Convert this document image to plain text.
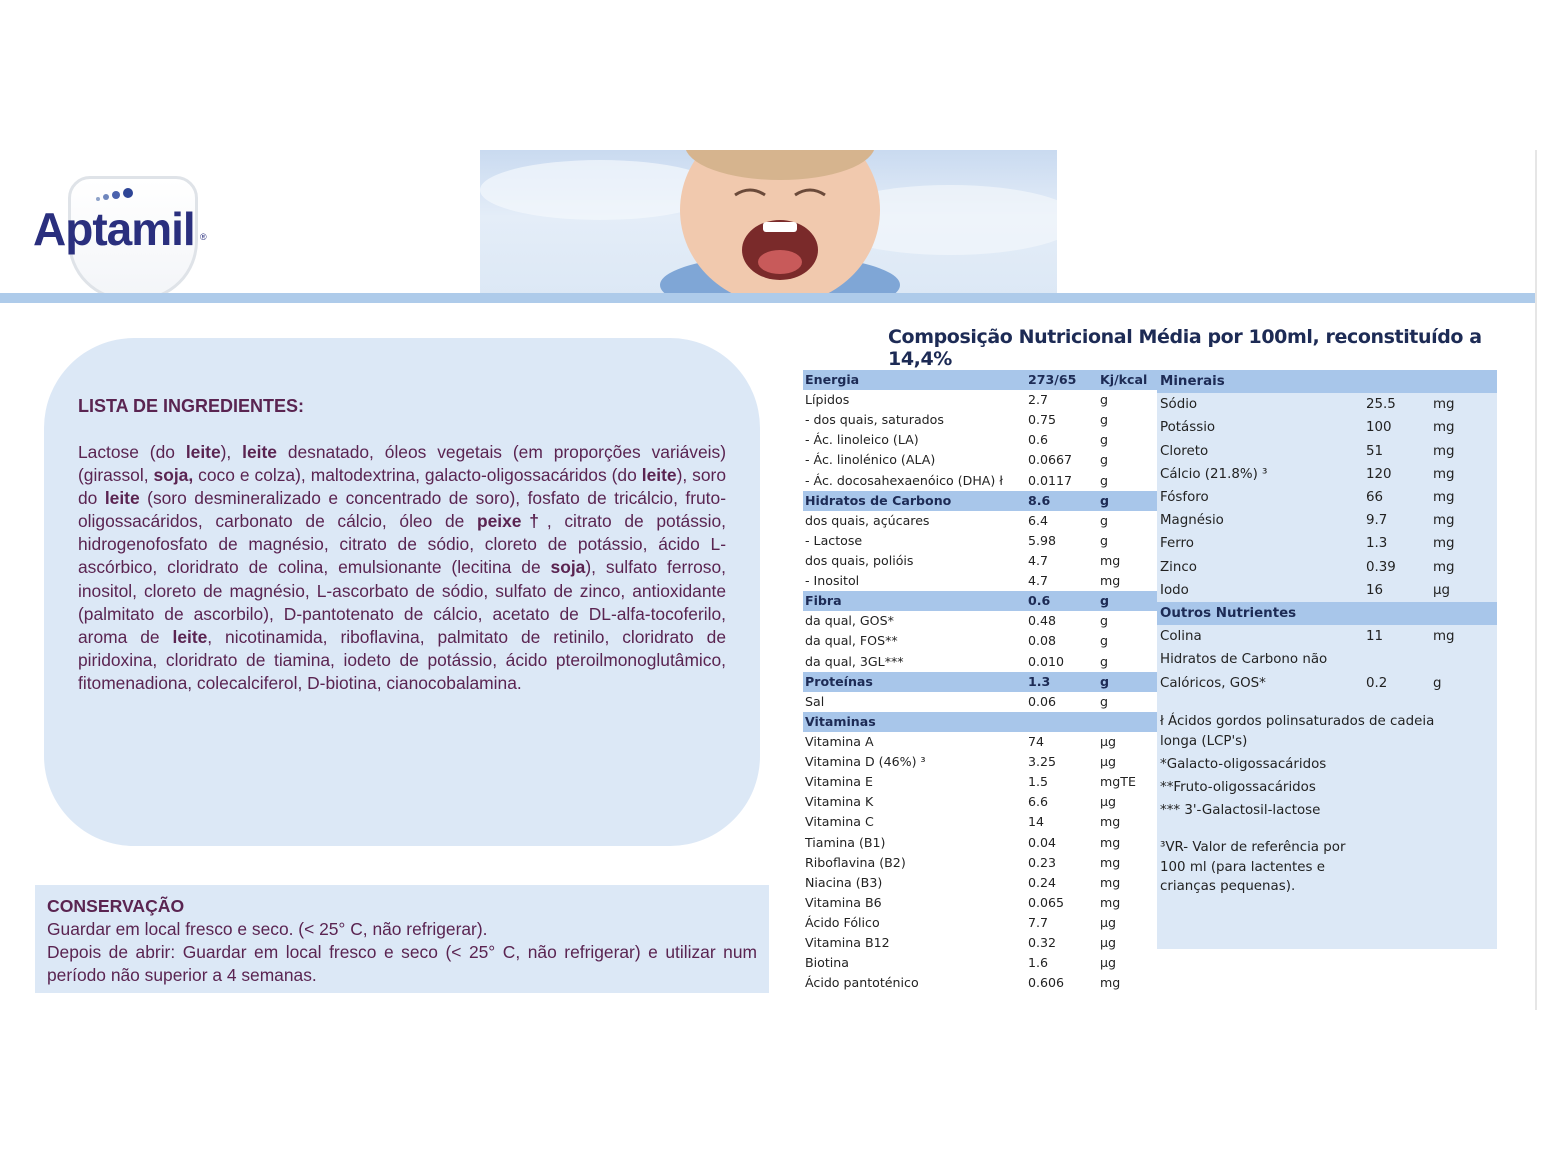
Aptamil ®
LISTA DE INGREDIENTES:
Lactose (do leite), leite desnatado, óleos vegetais (em proporções variáveis) (girassol, soja, coco e colza), maltodextrina, galacto-oligossacáridos (do leite), soro do leite (soro desmineralizado e concentrado de soro), fosfato de tricálcio, fruto-oligossacáridos, carbonato de cálcio, óleo de peixe†, citrato de potássio, hidrogenofosfato de magnésio, citrato de sódio, cloreto de potássio, ácido L-ascórbico, cloridrato de colina, emulsionante (lecitina de soja), sulfato ferroso, inositol, cloreto de magnésio, L-ascorbato de sódio, sulfato de zinco, antioxidante (palmitato de ascorbilo), D-pantotenato de cálcio, acetato de DL-alfa-tocoferilo, aroma de leite, nicotinamida, riboflavina, palmitato de retinilo, cloridrato de piridoxina, cloridrato de tiamina, iodeto de potássio, ácido pteroilmonoglutâmico, fitomenadiona, colecalciferol, D-biotina, cianocobalamina.
CONSERVAÇÃO
Guardar em local fresco e seco. (< 25° C, não refrigerar).
Depois de abrir: Guardar em local fresco e seco (< 25° C, não refrigerar) e utilizar num período não superior a 4 semanas.
Composição Nutricional Média por 100ml, reconstituído a 14,4%
Energia	273/65	Kj/kcal
Lípidos	2.7	g
- dos quais, saturados	0.75	g
- Ác. linoleico (LA)	0.6	g
- Ác. linolénico (ALA)	0.0667	g
- Ác. docosahexaenóico (DHA) ł	0.0117	g
Hidratos de Carbono	8.6	g
dos quais, açúcares	6.4	g
- Lactose	5.98	g
dos quais, polióis	4.7	mg
- Inositol	4.7	mg
Fibra	0.6	g
da qual, GOS*	0.48	g
da qual, FOS**	0.08	g
da qual, 3GL***	0.010	g
Proteínas	1.3	g
Sal	0.06	g
Vitaminas		
Vitamina A	74	µg
Vitamina D (46%) ³	3.25	µg
Vitamina E	1.5	mgTE
Vitamina K	6.6	µg
Vitamina C	14	mg
Tiamina (B1)	0.04	mg
Riboflavina (B2)	0.23	mg
Niacina (B3)	0.24	mg
Vitamina B6	0.065	mg
Ácido Fólico	7.7	µg
Vitamina B12	0.32	µg
Biotina	1.6	µg
Ácido pantoténico	0.606	mg
Minerais		
Sódio	25.5	mg
Potássio	100	mg
Cloreto	51	mg
Cálcio (21.8%) ³	120	mg
Fósforo	66	mg
Magnésio	9.7	mg
Ferro	1.3	mg
Zinco	0.39	mg
Iodo	16	µg
Outros Nutrientes		
Colina	11	mg
Hidratos de Carbono não		
Calóricos, GOS*	0.2	g
ł Ácidos gordos polinsaturados de cadeia longa (LCP's)
*Galacto-oligossacáridos
**Fruto-oligossacáridos
*** 3'-Galactosil-lactose
³VR- Valor de referência por 100 ml (para lactentes e crianças pequenas).
